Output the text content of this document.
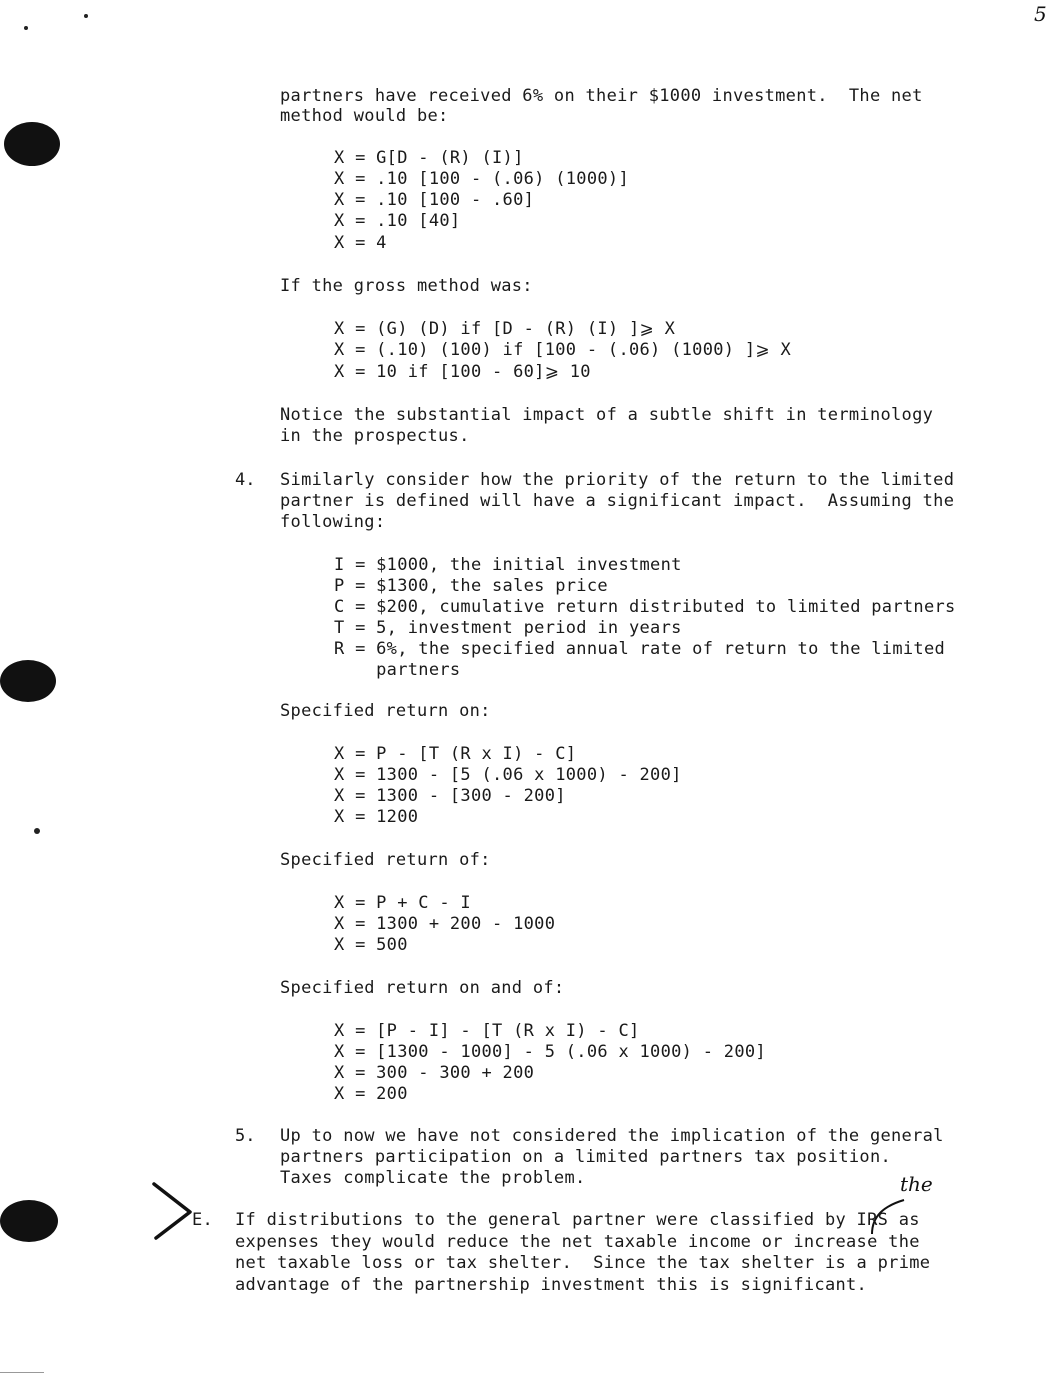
5
partners have received 6% on their $1000 investment.  The net
method would be:
X = G[D - (R) (I)]
X = .10 [100 - (.06) (1000)]
X = .10 [100 - .60]
X = .10 [40]
X = 4
If the gross method was:
X = (G) (D) if [D - (R) (I) ]⩾ X
X = (.10) (100) if [100 - (.06) (1000) ]⩾ X
X = 10 if [100 - 60]⩾ 10
Notice the substantial impact of a subtle shift in terminology
in the prospectus.
4. Similarly consider how the priority of the return to the limited
partner is defined will have a significant impact.  Assuming the
following:
I = $1000, the initial investment
P = $1300, the sales price
C = $200, cumulative return distributed to limited partners
T = 5, investment period in years
R = 6%, the specified annual rate of return to the limited
partners
Specified return on:
X = P - [T (R x I) - C]
X = 1300 - [5 (.06 x 1000) - 200]
X = 1300 - [300 - 200]
X = 1200
Specified return of:
X = P + C - I
X = 1300 + 200 - 1000
X = 500
Specified return on and of:
X = [P - I] - [T (R x I) - C]
X = [1300 - 1000] - 5 (.06 x 1000) - 200]
X = 300 - 300 + 200
X = 200
5. Up to now we have not considered the implication of the general
partners participation on a limited partners tax position.
Taxes complicate the problem.	the
E. If distributions to the general partner were classified by IRS as
expenses they would reduce the net taxable income or increase the
net taxable loss or tax shelter.  Since the tax shelter is a prime
advantage of the partnership investment this is significant.
